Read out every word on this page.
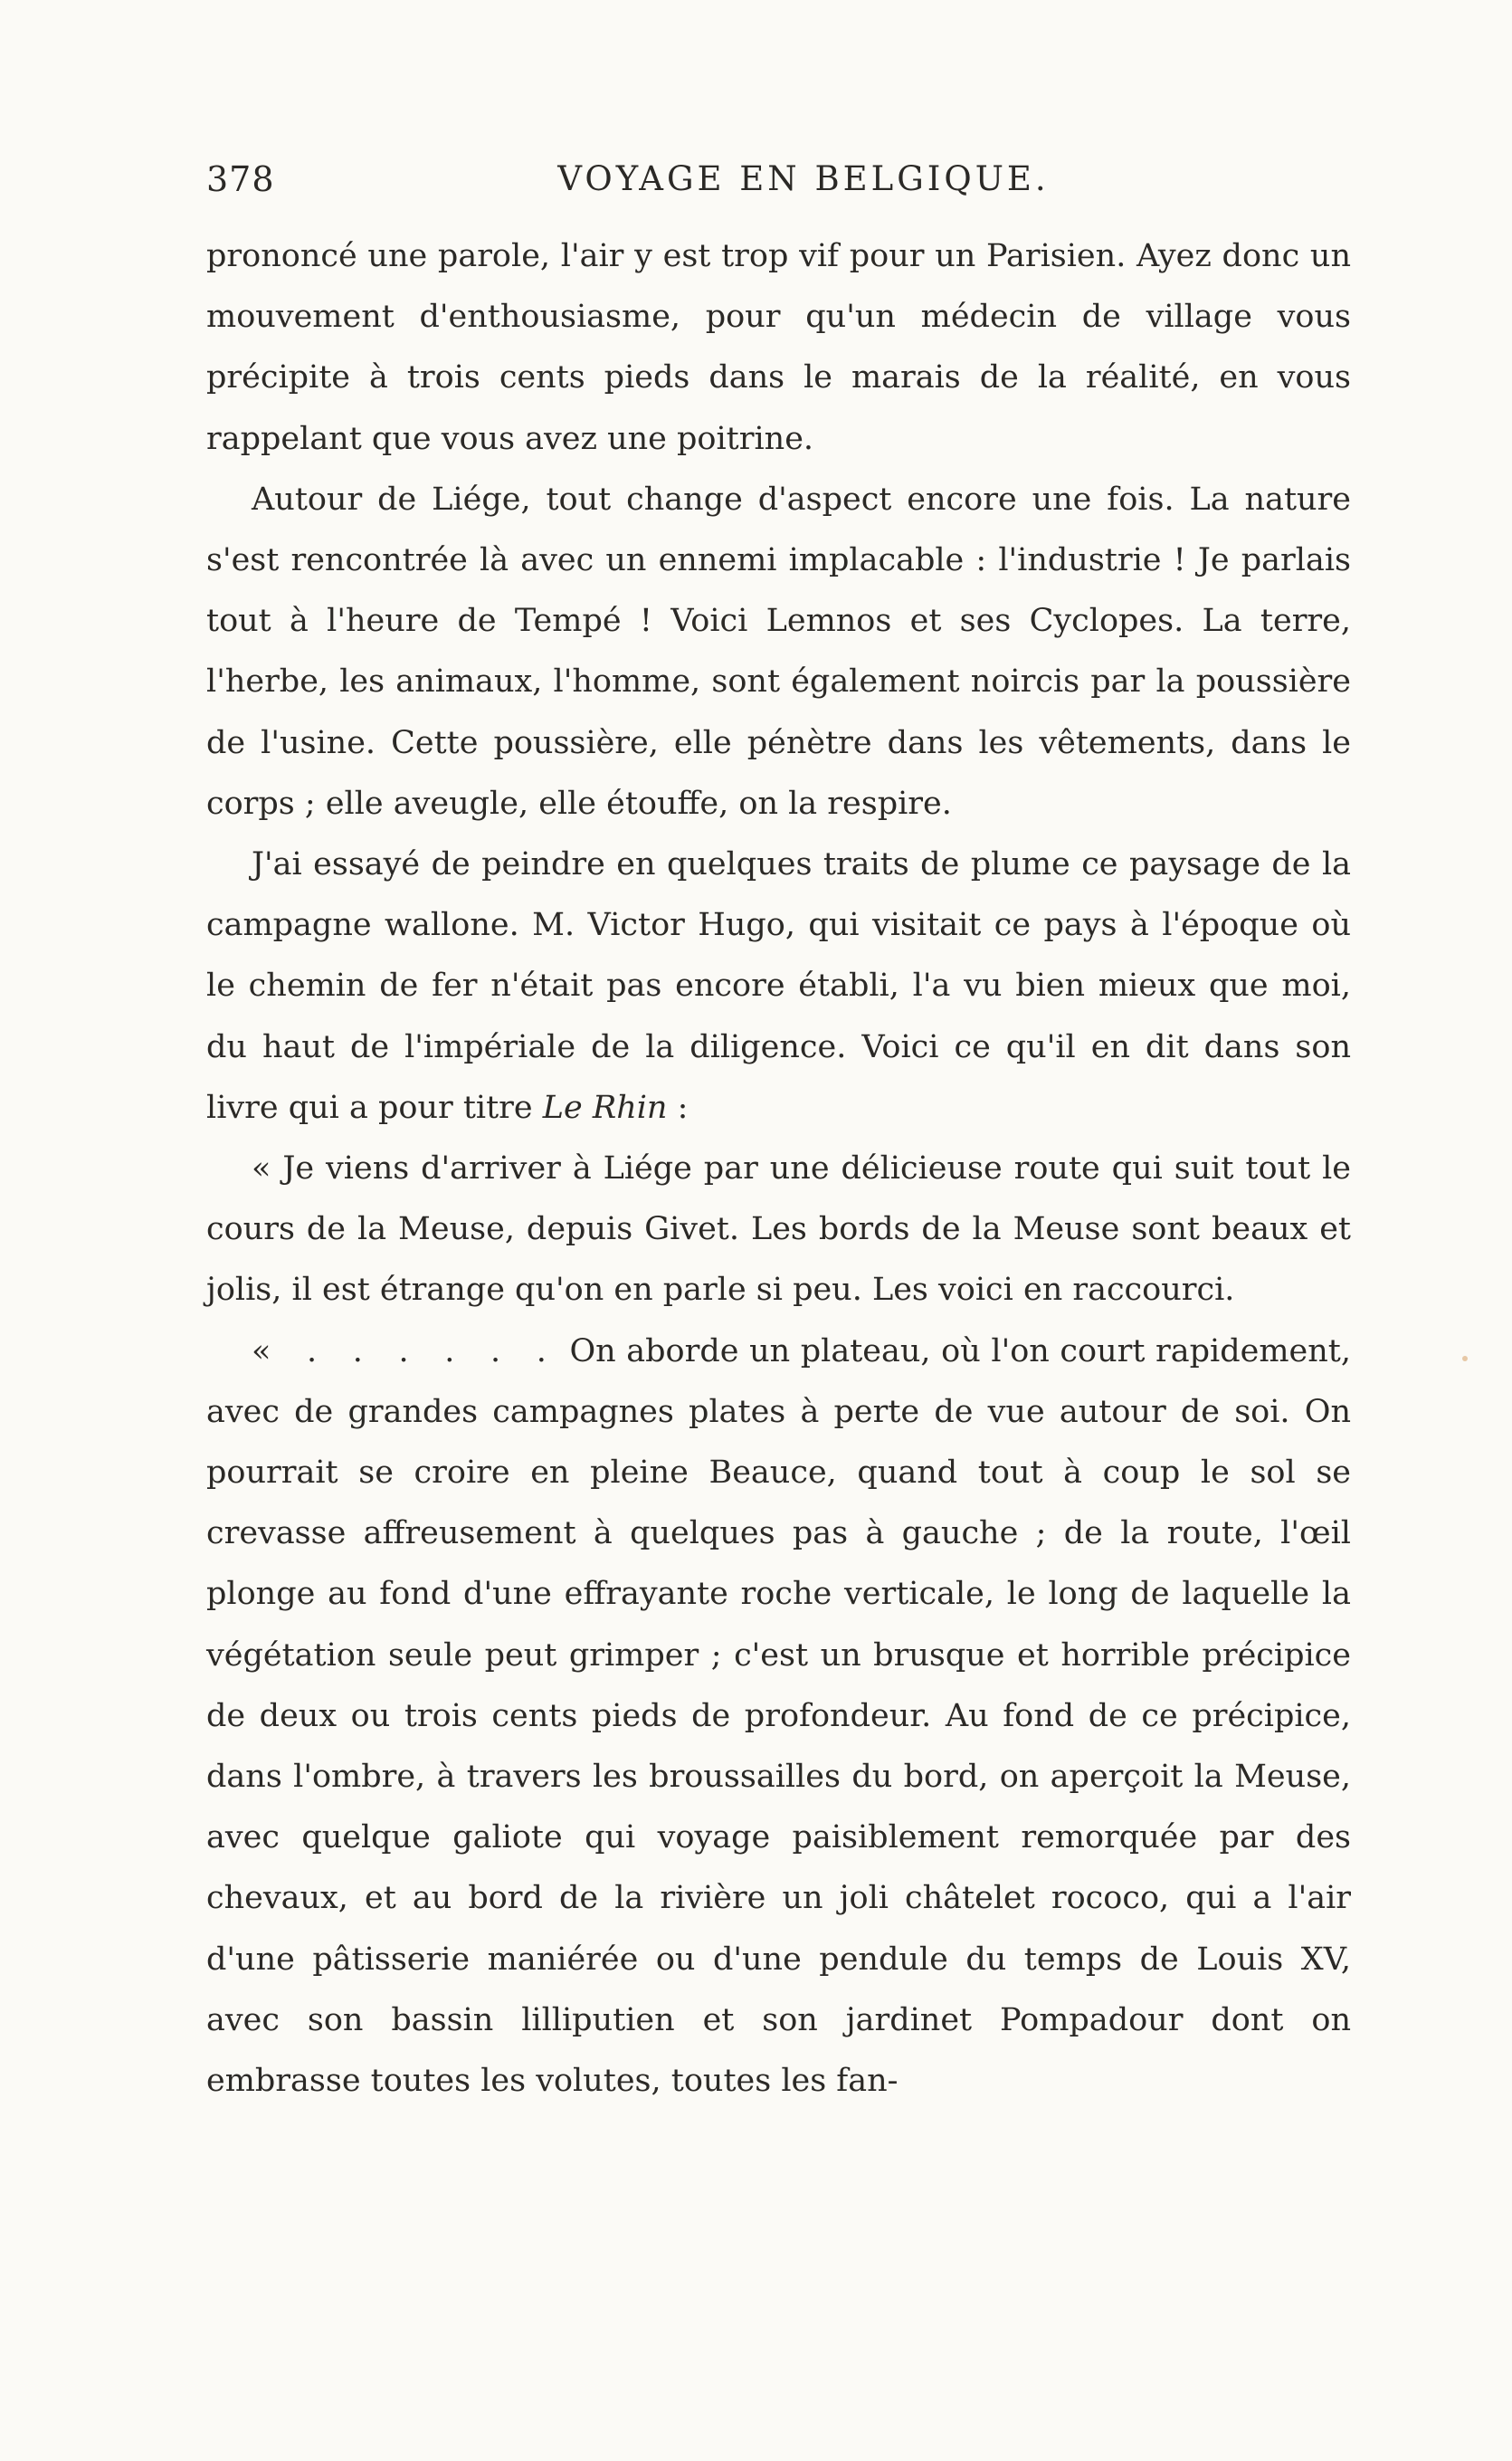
378	VOYAGE EN BELGIQUE.

prononcé une parole, l'air y est trop vif pour un Parisien. Ayez donc un mouvement d'enthousiasme, pour qu'un médecin de village vous précipite à trois cents pieds dans le marais de la réalité, en vous rappelant que vous avez une poitrine.

Autour de Liége, tout change d'aspect encore une fois. La nature s'est rencontrée là avec un ennemi implacable : l'industrie ! Je parlais tout à l'heure de Tempé ! Voici Lemnos et ses Cyclopes. La terre, l'herbe, les animaux, l'homme, sont également noircis par la poussière de l'usine. Cette poussière, elle pénètre dans les vêtements, dans le corps ; elle aveugle, elle étouffe, on la respire.

J'ai essayé de peindre en quelques traits de plume ce paysage de la campagne wallone. M. Victor Hugo, qui visitait ce pays à l'époque où le chemin de fer n'était pas encore établi, l'a vu bien mieux que moi, du haut de l'impériale de la diligence. Voici ce qu'il en dit dans son livre qui a pour titre Le Rhin :

« Je viens d'arriver à Liége par une délicieuse route qui suit tout le cours de la Meuse, depuis Givet. Les bords de la Meuse sont beaux et jolis, il est étrange qu'on en parle si peu. Les voici en raccourci.

« . . . . . . On aborde un plateau, où l'on court rapidement, avec de grandes campagnes plates à perte de vue autour de soi. On pourrait se croire en pleine Beauce, quand tout à coup le sol se crevasse affreusement à quelques pas à gauche ; de la route, l'œil plonge au fond d'une effrayante roche verticale, le long de laquelle la végétation seule peut grimper ; c'est un brusque et horrible précipice de deux ou trois cents pieds de profondeur. Au fond de ce précipice, dans l'ombre, à travers les broussailles du bord, on aperçoit la Meuse, avec quelque galiote qui voyage paisiblement remorquée par des chevaux, et au bord de la rivière un joli châtelet rococo, qui a l'air d'une pâtisserie maniérée ou d'une pendule du temps de Louis XV, avec son bassin lilliputien et son jardinet Pompadour dont on embrasse toutes les volutes, toutes les fan-
